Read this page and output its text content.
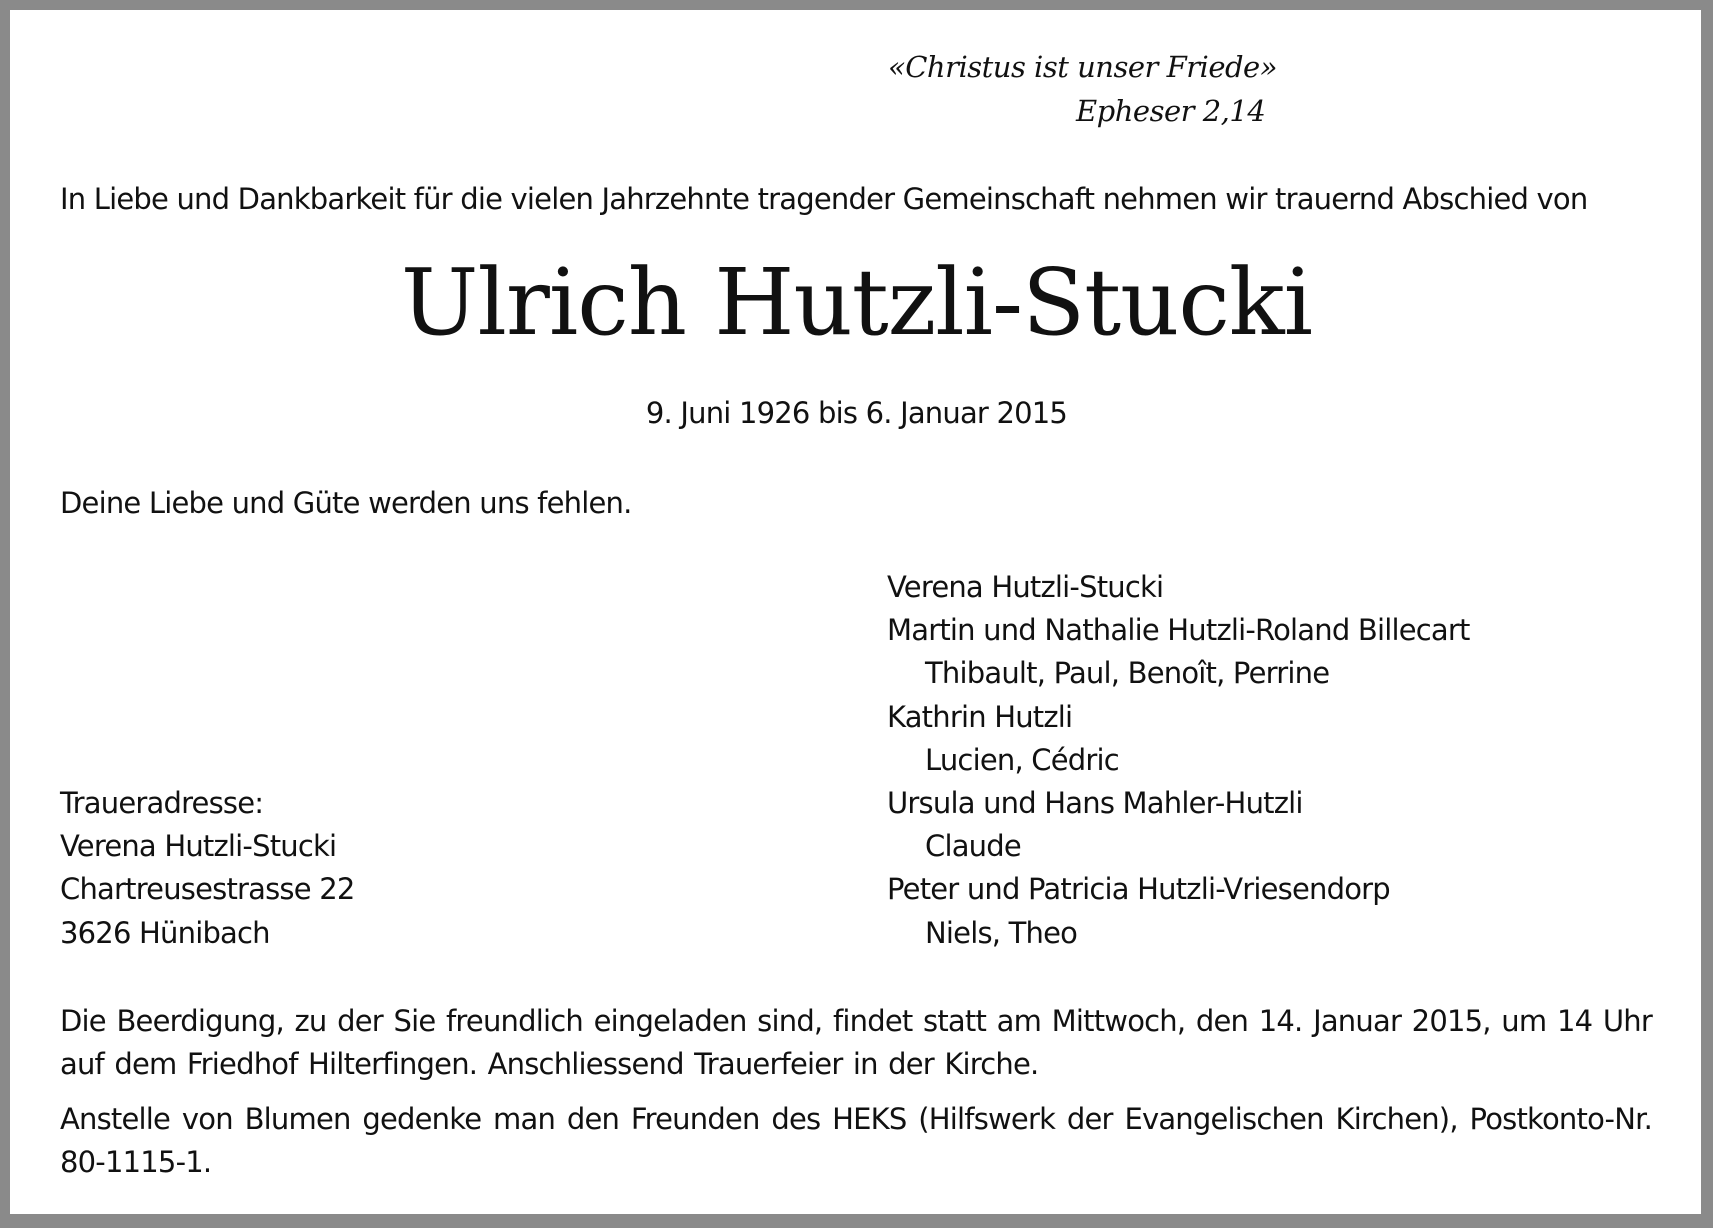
«Christus ist unser Friede»
Epheser 2,14
In Liebe und Dankbarkeit für die vielen Jahrzehnte tragender Gemeinschaft nehmen wir trauernd Abschied von
Ulrich Hutzli-Stucki
9. Juni 1926 bis 6. Januar 2015
Deine Liebe und Güte werden uns fehlen.
Verena Hutzli-Stucki
Martin und Nathalie Hutzli-Roland Billecart
Thibault, Paul, Benoît, Perrine
Kathrin Hutzli
Lucien, Cédric
Ursula und Hans Mahler-Hutzli
Claude
Peter und Patricia Hutzli-Vriesendorp
Niels, Theo
Traueradresse:
Verena Hutzli-Stucki
Chartreusestrasse 22
3626 Hünibach
Die Beerdigung, zu der Sie freundlich eingeladen sind, findet statt am Mittwoch, den 14. Januar 2015, um 14 Uhr auf dem Friedhof Hilterfingen. Anschliessend Trauerfeier in der Kirche.
Anstelle von Blumen gedenke man den Freunden des HEKS (Hilfswerk der Evangelischen Kirchen), Postkonto-Nr. 80-1115-1.
